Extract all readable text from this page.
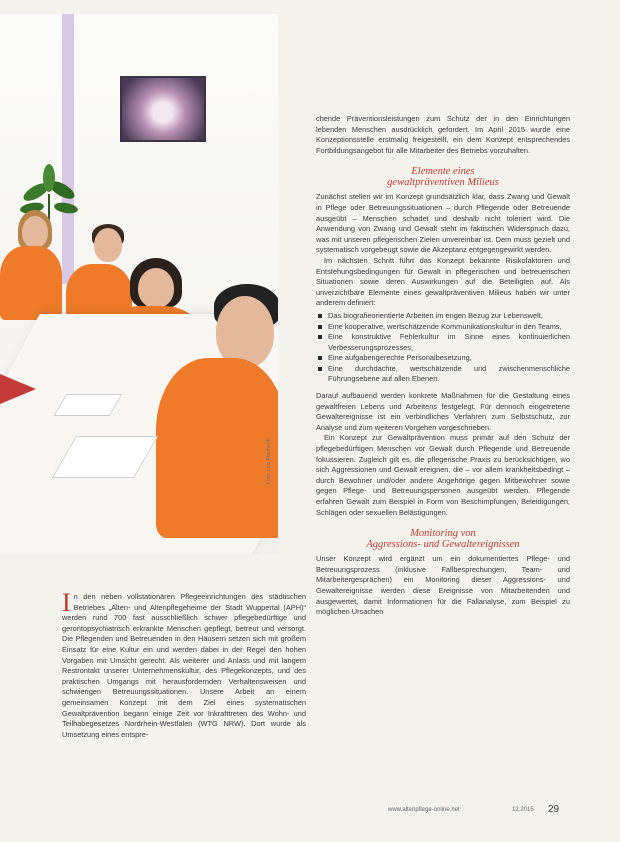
Foto: Lutz Eberhardt

chende Präventionsleistungen zum Schutz der in den Einrichtungen lebenden Menschen ausdrücklich gefordert. Im April 2015 wurde eine Konzeptionsstelle erstmalig freigestellt, ein dem Konzept entsprechendes Fortbildungsangebot für alle Mitarbeiter des Betriebs vorzuhalten.

Elemente eines
gewaltpräventiven Milieus

Zunächst stellen wir im Konzept grundsätzlich klar, dass Zwang und Gewalt in Pflege oder Betreuungssituationen – durch Pflegende oder Betreuende ausgeübt – Menschen schadet und deshalb nicht toleriert wird. Die Anwendung von Zwang und Gewalt steht im faktischen Widerspruch dazu, was mit unseren pflegerischen Zielen unvereinbar ist. Dem muss gezielt und systematisch vorgebeugt sowie die Akzeptanz entgegengewirkt werden.

Im nächsten Schritt führt das Konzept bekannte Risikofaktoren und Entstehungsbedingungen für Gewalt in pflegerischen und betreuerischen Situationen sowie deren Auswirkungen auf die Beteiligten auf. Als unverzichtbare Elemente eines gewaltpräventiven Milieus haben wir unter anderem definiert:

Das biografieorientierte Arbeiten im engen Bezug zur Lebenswelt,
Eine kooperative, wertschätzende Kommunikationskultur in den Teams,
Eine konstruktive Fehlerkultur im Sinne eines kontinuierlichen Verbesserungsprozesses,
Eine aufgabengerechte Personalbesetzung,
Eine durchdachte, wertschätzende und zwischenmenschliche Führungsebene auf allen Ebenen.

Darauf aufbauend werden konkrete Maßnahmen für die Gestaltung eines gewaltfreien Lebens und Arbeitens festgelegt. Für dennoch eingetretene Gewaltereignisse ist ein verbindliches Verfahren zum Selbstschutz, zur Analyse und zum weiteren Vorgehen vorgeschrieben.

Ein Konzept zur Gewaltprävention muss primär auf den Schutz der pflegebedürftigen Menschen vor Gewalt durch Pflegende und Betreuende fokussieren. Zugleich gilt es, die pflegerische Praxis zu berücksichtigen, wo sich Aggressionen und Gewalt ereignen, die – vor allem krankheitsbedingt – durch Bewohner und/oder andere Angehörige gegen Mitbewohner sowie gegen Pflege- und Betreuungspersonen ausgeübt werden. Pflegende erfahren Gewalt zum Beispiel in Form von Beschimpfungen, Beleidigungen, Schlägen oder sexuellen Belästigungen.

Monitoring von
Aggressions- und Gewaltereignissen

Unser Konzept wird ergänzt um ein dokumentiertes Pflege- und Betreuungsprozess (inklusive Fallbesprechungen, Team- und Mitarbeitergesprächen) ein Monitoring dieser Aggressions- und Gewaltereignisse werden diese Ereignisse von Mitarbeitenden und ausgewertet, damit Informationen für die Fallanalyse, zum Beispiel zu möglichen Ursachen

I n den neben vollstationären Pflegeeinrichtungen des städtischen Betriebes „Alten- und Altenpflegeheime der Stadt Wuppertal (APH)“ werden rund 700 fast ausschließlich schwer pflegebedürftige und gerontopsychiatrisch erkrankte Menschen gepflegt, betreut und versorgt. Die Pflegenden und Betreuenden in den Häusern setzen sich mit großem Einsatz für eine Kultur ein und werden dabei in der Regel den hohen Vorgaben mit Umsicht gerecht. Als weiterer und Anlass und mit langem Restrontakt unserer Unternehmenskultur, des Pflegekonzepts, und des praktischen Umgangs mit herausfordernden Verhaltensweisen und schwierigen Betreuungssituationen. Unsere Arbeit an einem gemeinsamen Konzept mit dem Ziel eines systematischen Gewaltprävention begann einige Zeit vor Inkrafttreten des Wohn- und Teilhabegesetzes Nordrhein-Westfalen (WTG NRW). Dort wurde als Umsetzung eines entspre-

www.altenpflege-online.net	12.2015 29
